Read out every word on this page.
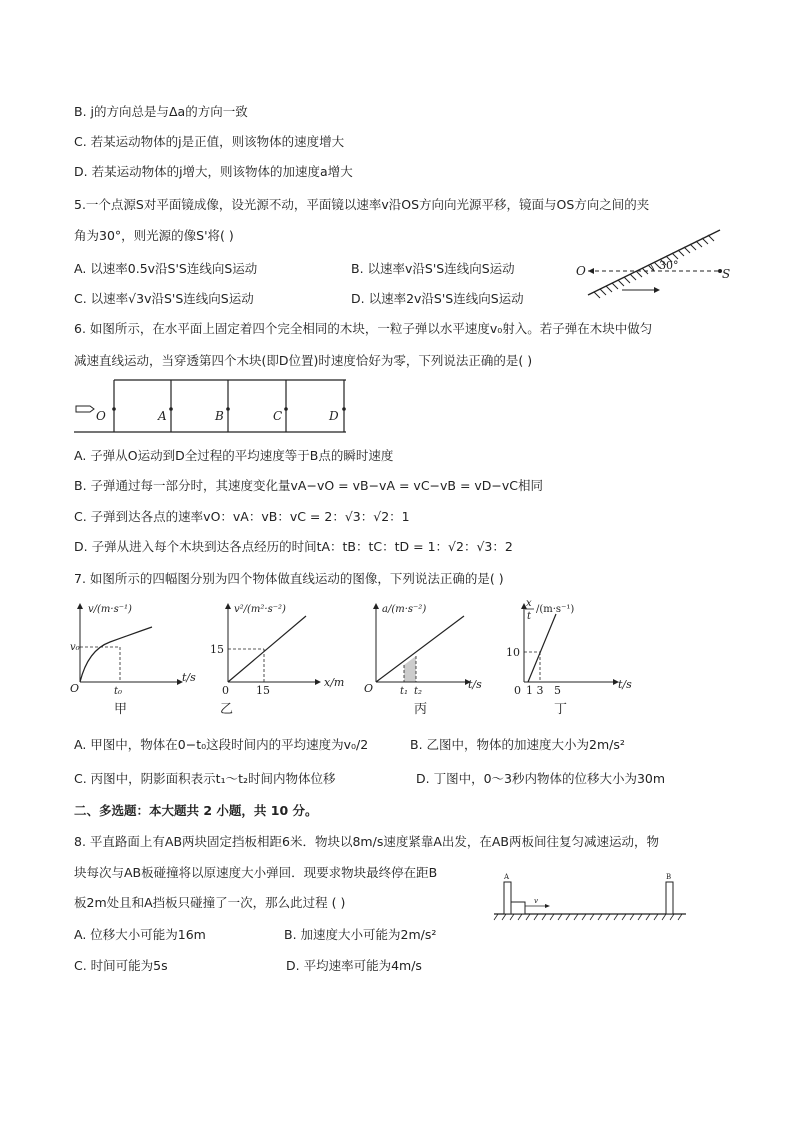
B. j的方向总是与Δa的方向一致
C. 若某运动物体的j是正值，则该物体的速度增大
D. 若某运动物体的j增大，则该物体的加速度a增大
5.一个点源S对平面镜成像，设光源不动，平面镜以速率v沿OS方向向光源平移，镜面与OS方向之间的夹
角为30°，则光源的像S'将( )
A. 以速率0.5v沿S'S连线向S运动	B. 以速率v沿S'S连线向S运动
C. 以速率√3v沿S'S连线向S运动	D. 以速率2v沿S'S连线向S运动
O	S
30°
6. 如图所示，在水平面上固定着四个完全相同的木块，一粒子弹以水平速度v₀射入。若子弹在木块中做匀
减速直线运动，当穿透第四个木块(即D位置)时速度恰好为零，下列说法正确的是( )
O	A	B	C	D
A. 子弹从O运动到D全过程的平均速度等于B点的瞬时速度
B. 子弹通过每一部分时，其速度变化量vA−vO = vB−vA = vC−vB = vD−vC相同
C. 子弹到达各点的速率vO：vA：vB：vC = 2：√3：√2：1
D. 子弹从进入每个木块到达各点经历的时间tA：tB：tC：tD = 1：√2：√3：2
7. 如图所示的四幅图分别为四个物体做直线运动的图像，下列说法正确的是( )
v/(m·s⁻¹)
t/s
v₀
t₀
O
甲
v²/(m²·s⁻²)
x/m
15
15
0
乙
a/(m·s⁻²)
t/s
t₁ t₂
O
丙
x
t
/(m·s⁻¹)
t/s
10
1 3   5
0
丁
A. 甲图中，物体在0−t₀这段时间内的平均速度为v₀/2	B. 乙图中，物体的加速度大小为2m/s²
C. 丙图中，阴影面积表示t₁～t₂时间内物体位移	D. 丁图中，0～3秒内物体的位移大小为30m
二、多选题：本大题共 2 小题，共 10 分。
8. 平直路面上有AB两块固定挡板相距6米．物块以8m/s速度紧靠A出发，在AB两板间往复匀减速运动，物
块每次与AB板碰撞将以原速度大小弹回．现要求物块最终停在距B
板2m处且和A挡板只碰撞了一次，那么此过程 ( )
A	B
v
A. 位移大小可能为16m	B. 加速度大小可能为2m/s²
C. 时间可能为5s	D. 平均速率可能为4m/s
